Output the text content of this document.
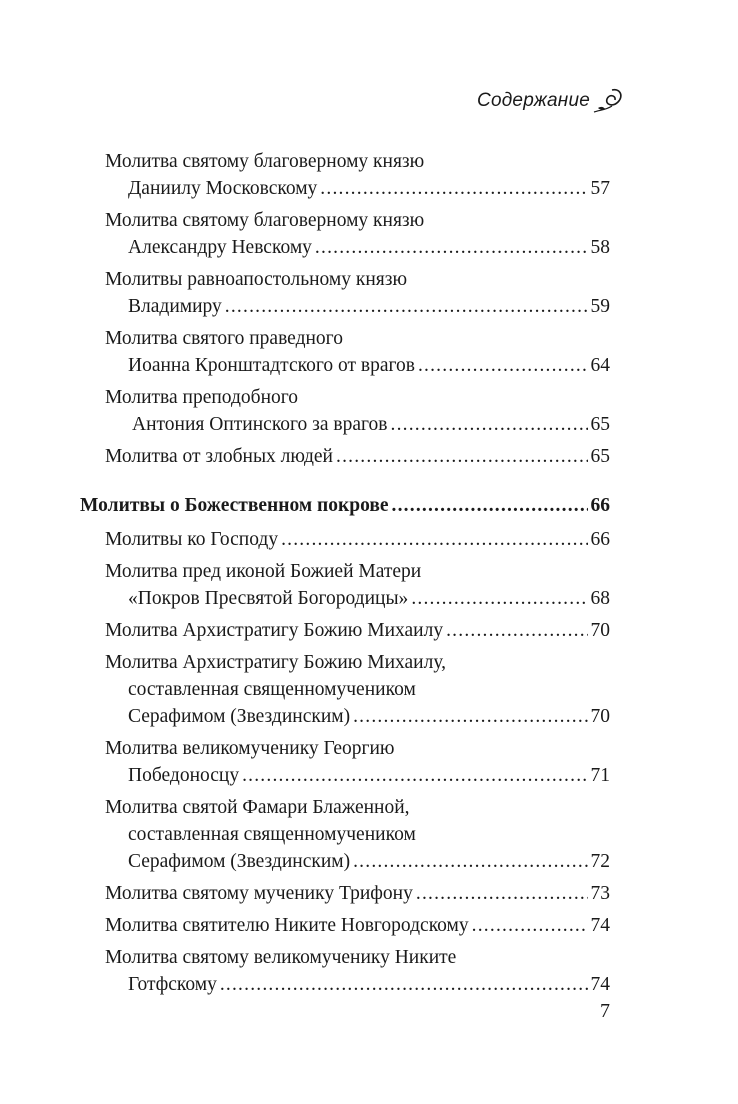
Содержание
Молитва святому благоверному князю
Даниилу Московскому .....	57
Молитва святому благоверному князю
Александру Невскому .....	58
Молитвы равноапостольному князю
Владимиру .....	59
Молитва святого праведного
Иоанна Кронштадтского от врагов .....	64
Молитва преподобного
Антония Оптинского за врагов .....	65
Молитва от злобных людей .....	65
Молитвы о Божественном покрове .....	66
Молитвы ко Господу .....	66
Молитва пред иконой Божией Матери
«Покров Пресвятой Богородицы» .....	68
Молитва Архистратигу Божию Михаилу .....	70
Молитва Архистратигу Божию Михаилу,
составленная священномучеником
Серафимом (Звездинским) .....	70
Молитва великомученику Георгию
Победоносцу .....	71
Молитва святой Фамари Блаженной,
составленная священномучеником
Серафимом (Звездинским) .....	72
Молитва святому мученику Трифону .....	73
Молитва святителю Никите Новгородскому .....	74
Молитва святому великомученику Никите
Готфскому .....	74
7
